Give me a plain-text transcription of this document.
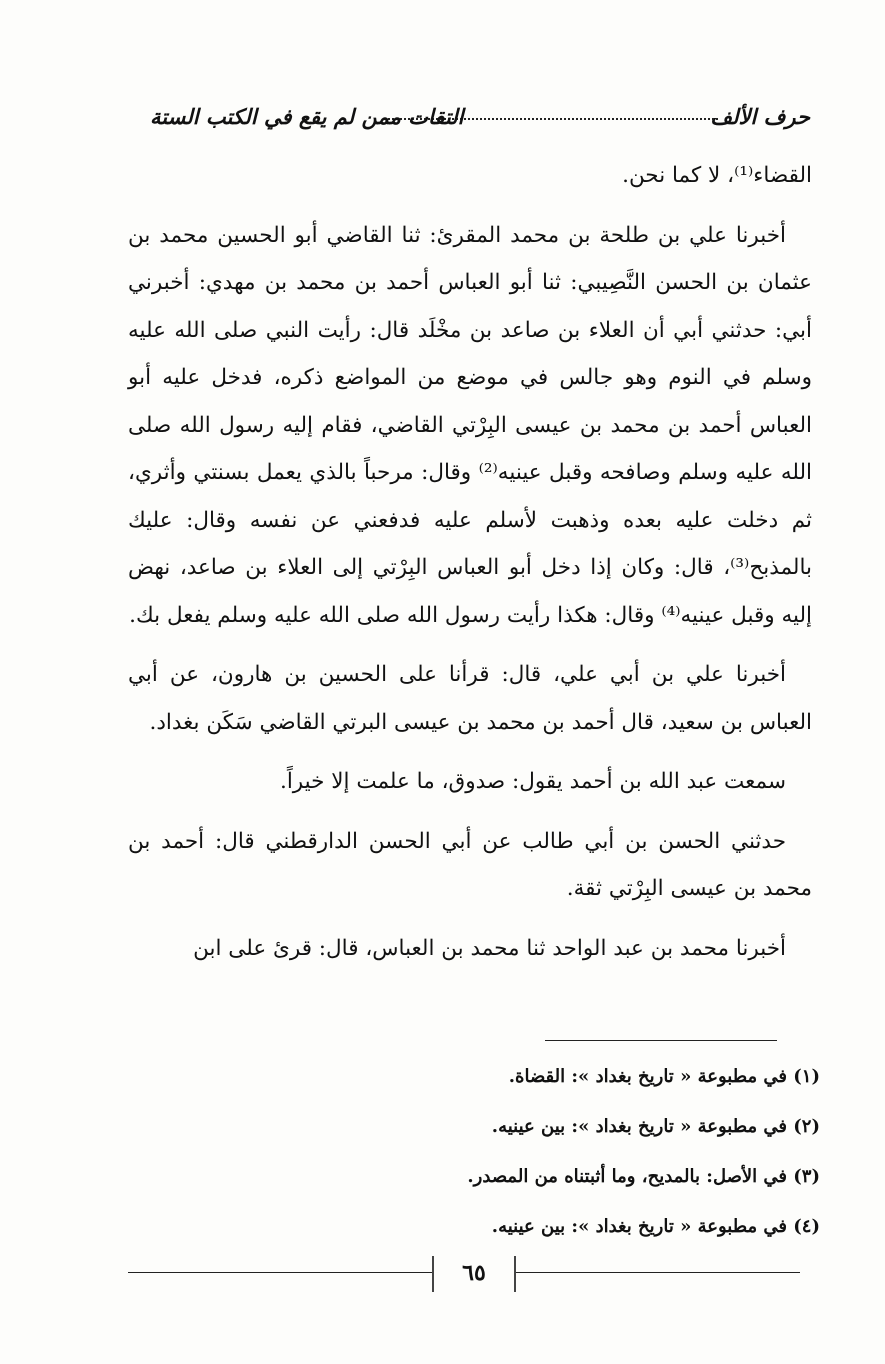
حرف الألف
التقات ممن لم يقع في الكتب الستة

القضاء⁽¹⁾، لا كما نحن.

أخبرنا علي بن طلحة بن محمد المقرئ: ثنا القاضي أبو الحسين محمد بن عثمان بن الحسن النَّصِيبي: ثنا أبو العباس أحمد بن محمد بن مهدي: أخبرني أبي: حدثني أبي أن العلاء بن صاعد بن مخْلَد قال: رأيت النبي صلى الله عليه وسلم في النوم وهو جالس في موضع من المواضع ذكره، فدخل عليه أبو العباس أحمد بن محمد بن عيسى البِرْتي القاضي، فقام إليه رسول الله صلى الله عليه وسلم وصافحه وقبل عينيه⁽²⁾ وقال: مرحباً بالذي يعمل بسنتي وأثري، ثم دخلت عليه بعده وذهبت لأسلم عليه فدفعني عن نفسه وقال: عليك بالمذبح⁽³⁾، قال: وكان إذا دخل أبو العباس البِرْتي إلى العلاء بن صاعد، نهض إليه وقبل عينيه⁽⁴⁾ وقال: هكذا رأيت رسول الله صلى الله عليه وسلم يفعل بك.

أخبرنا علي بن أبي علي، قال: قرأنا على الحسين بن هارون، عن أبي العباس بن سعيد، قال أحمد بن محمد بن عيسى البرتي القاضي سَكَن بغداد.

سمعت عبد الله بن أحمد يقول: صدوق، ما علمت إلا خيراً.

حدثني الحسن بن أبي طالب عن أبي الحسن الدارقطني قال: أحمد بن محمد بن عيسى البِرْتي ثقة.

أخبرنا محمد بن عبد الواحد ثنا محمد بن العباس، قال: قرئ على ابن

(١) في مطبوعة « تاريخ بغداد »: القضاة.
(٢) في مطبوعة « تاريخ بغداد »: بين عينيه.
(٣) في الأصل: بالمديح، وما أثبتناه من المصدر.
(٤) في مطبوعة « تاريخ بغداد »: بين عينيه.
٦٥
